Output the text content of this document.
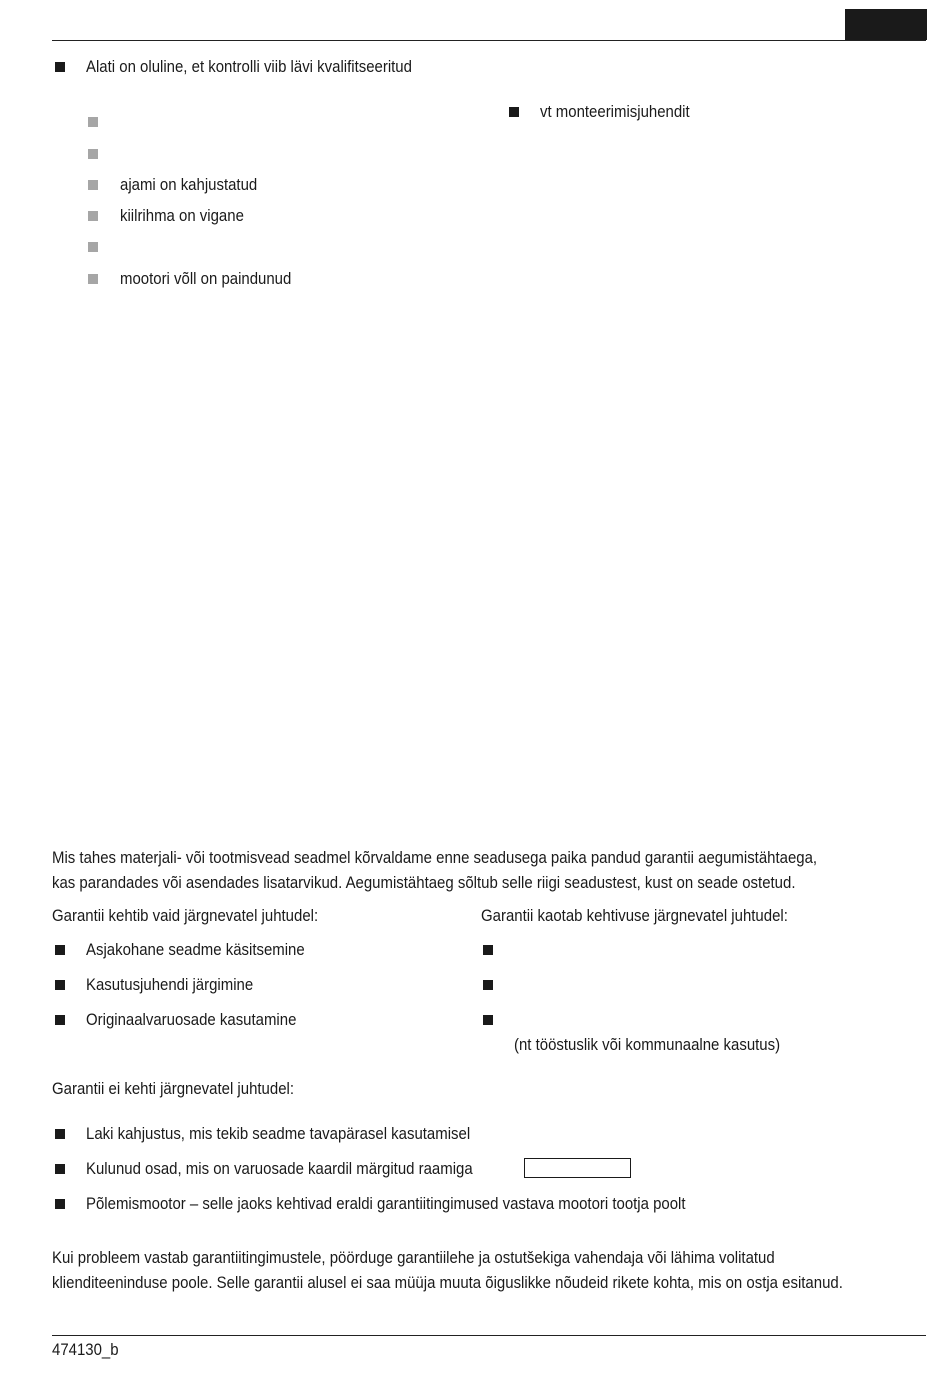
Alati on oluline, et kontrolli viib lävi kvalifitseeritud
ajami on kahjustatud
kiilrihma on vigane
mootori võll on paindunud
vt monteerimisjuhendit
Mis tahes materjali- või tootmisvead seadmel kõrvaldame enne seadusega paika pandud garantii aegumistähtaega,
kas parandades või asendades lisatarvikud. Aegumistähtaeg sõltub selle riigi seadustest, kust on seade ostetud.
Garantii kehtib vaid järgnevatel juhtudel:	Garantii kaotab kehtivuse järgnevatel juhtudel:
Asjakohane seadme käsitsemine
Kasutusjuhendi järgimine
Originaalvaruosade kasutamine
(nt tööstuslik või kommunaalne kasutus)
Garantii ei kehti järgnevatel juhtudel:
Laki kahjustus, mis tekib seadme tavapärasel kasutamisel
Kulunud osad, mis on varuosade kaardil märgitud raamiga
Põlemismootor – selle jaoks kehtivad eraldi garantiitingimused vastava mootori tootja poolt
Kui probleem vastab garantiitingimustele, pöörduge garantiilehe ja ostutšekiga vahendaja või lähima volitatud
klienditeeninduse poole. Selle garantii alusel ei saa müüja muuta õiguslikke nõudeid rikete kohta, mis on ostja esitanud.
474130_b
